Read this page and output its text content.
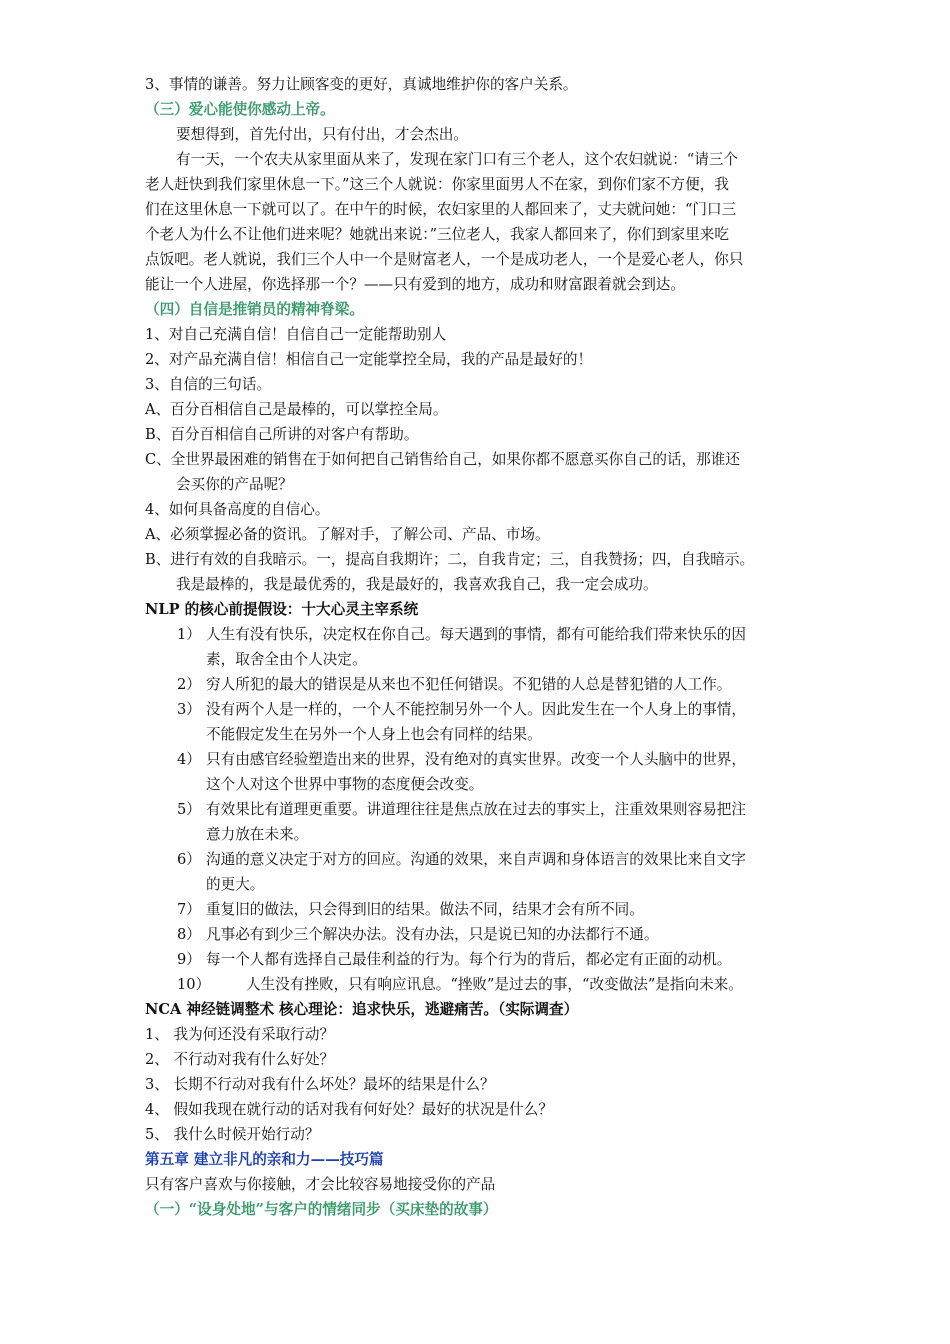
3、事情的谦善。努力让顾客变的更好，真诚地维护你的客户关系。
（三）爱心能使你感动上帝。
要想得到，首先付出，只有付出，才会杰出。
有一天，一个农夫从家里面从来了，发现在家门口有三个老人，这个农妇就说：“请三个
老人赶快到我们家里休息一下。”这三个人就说：你家里面男人不在家，到你们家不方便，我
们在这里休息一下就可以了。在中午的时候，农妇家里的人都回来了，丈夫就问她：“门口三
个老人为什么不让他们进来呢？她就出来说：”三位老人，我家人都回来了，你们到家里来吃
点饭吧。老人就说，我们三个人中一个是财富老人，一个是成功老人，一个是爱心老人，你只
能让一个人进屋，你选择那一个？——只有爱到的地方，成功和财富跟着就会到达。
（四）自信是推销员的精神脊梁。
1、对自己充满自信！自信自己一定能帮助别人
2、对产品充满自信！相信自己一定能掌控全局，我的产品是最好的！
3、自信的三句话。
A、百分百相信自己是最棒的，可以掌控全局。
B、百分百相信自己所讲的对客户有帮助。
C、全世界最困难的销售在于如何把自己销售给自己，如果你都不愿意买你自己的话，那谁还
会买你的产品呢？
4、如何具备高度的自信心。
A、必须掌握必备的资讯。了解对手，了解公司、产品、市场。
B、进行有效的自我暗示。一，提高自我期许；二，自我肯定；三，自我赞扬；四，自我暗示。
我是最棒的，我是最优秀的，我是最好的，我喜欢我自己，我一定会成功。
NLP 的核心前提假设：十大心灵主宰系统
1） 人生有没有快乐，决定权在你自己。每天遇到的事情，都有可能给我们带来快乐的因
素，取舍全由个人决定。
2） 穷人所犯的最大的错误是从来也不犯任何错误。不犯错的人总是替犯错的人工作。
3） 没有两个人是一样的，一个人不能控制另外一个人。因此发生在一个人身上的事情，
不能假定发生在另外一个人身上也会有同样的结果。
4） 只有由感官经验塑造出来的世界，没有绝对的真实世界。改变一个人头脑中的世界，
这个人对这个世界中事物的态度便会改变。
5） 有效果比有道理更重要。讲道理往往是焦点放在过去的事实上，注重效果则容易把注
意力放在未来。
6） 沟通的意义决定于对方的回应。沟通的效果，来自声调和身体语言的效果比来自文字
的更大。
7） 重复旧的做法，只会得到旧的结果。做法不同，结果才会有所不同。
8） 凡事必有到少三个解决办法。没有办法，只是说已知的办法都行不通。
9） 每一个人都有选择自己最佳利益的行为。每个行为的背后，都必定有正面的动机。
10） 人生没有挫败，只有响应讯息。“挫败”是过去的事，“改变做法”是指向未来。
NCA 神经链调整术 核心理论：追求快乐，逃避痛苦。（实际调查）
1、 我为何还没有采取行动？
2、 不行动对我有什么好处？
3、 长期不行动对我有什么坏处？最坏的结果是什么？
4、 假如我现在就行动的话对我有何好处？最好的状况是什么？
5、 我什么时候开始行动？
第五章 建立非凡的亲和力——技巧篇
只有客户喜欢与你接触，才会比较容易地接受你的产品
（一）“设身处地”与客户的情绪同步（买床垫的故事）
